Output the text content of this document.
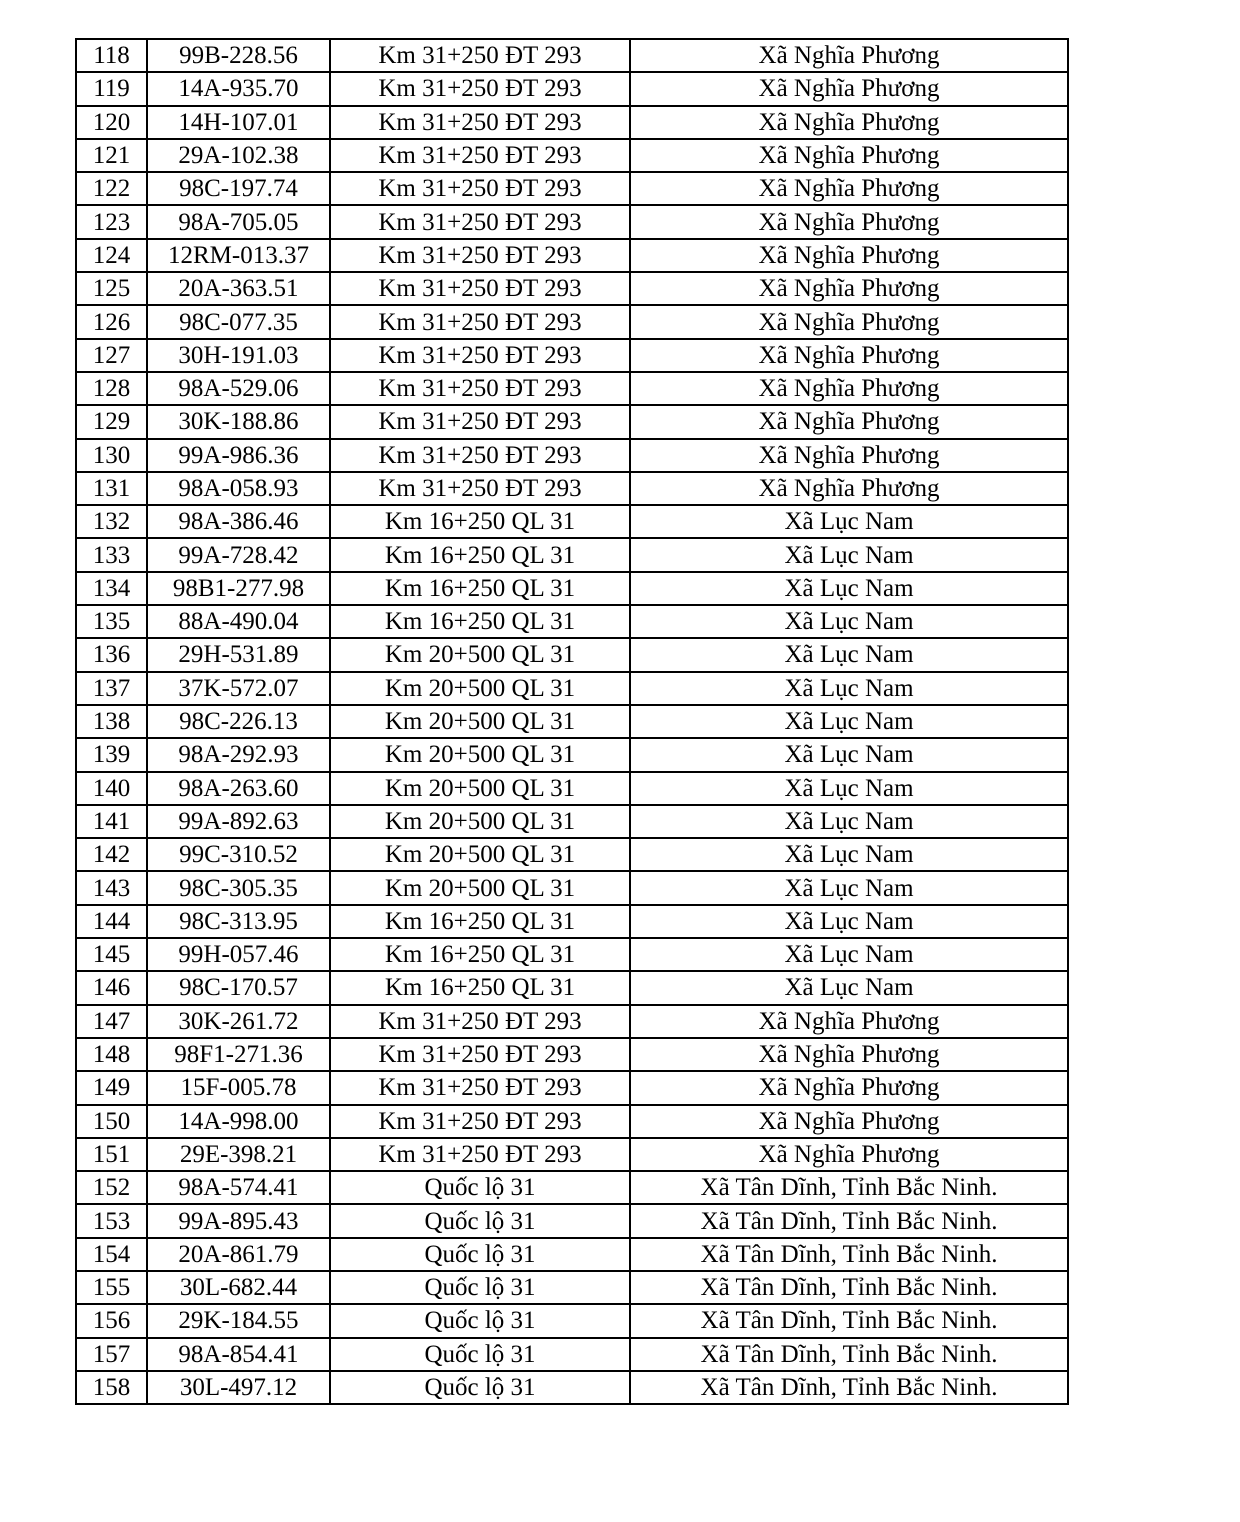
118	99B-228.56	Km 31+250 ĐT 293	Xã Nghĩa Phương
119	14A-935.70	Km 31+250 ĐT 293	Xã Nghĩa Phương
120	14H-107.01	Km 31+250 ĐT 293	Xã Nghĩa Phương
121	29A-102.38	Km 31+250 ĐT 293	Xã Nghĩa Phương
122	98C-197.74	Km 31+250 ĐT 293	Xã Nghĩa Phương
123	98A-705.05	Km 31+250 ĐT 293	Xã Nghĩa Phương
124	12RM-013.37	Km 31+250 ĐT 293	Xã Nghĩa Phương
125	20A-363.51	Km 31+250 ĐT 293	Xã Nghĩa Phương
126	98C-077.35	Km 31+250 ĐT 293	Xã Nghĩa Phương
127	30H-191.03	Km 31+250 ĐT 293	Xã Nghĩa Phương
128	98A-529.06	Km 31+250 ĐT 293	Xã Nghĩa Phương
129	30K-188.86	Km 31+250 ĐT 293	Xã Nghĩa Phương
130	99A-986.36	Km 31+250 ĐT 293	Xã Nghĩa Phương
131	98A-058.93	Km 31+250 ĐT 293	Xã Nghĩa Phương
132	98A-386.46	Km 16+250 QL 31	Xã Lục Nam
133	99A-728.42	Km 16+250 QL 31	Xã Lục Nam
134	98B1-277.98	Km 16+250 QL 31	Xã Lục Nam
135	88A-490.04	Km 16+250 QL 31	Xã Lục Nam
136	29H-531.89	Km 20+500 QL 31	Xã Lục Nam
137	37K-572.07	Km 20+500 QL 31	Xã Lục Nam
138	98C-226.13	Km 20+500 QL 31	Xã Lục Nam
139	98A-292.93	Km 20+500 QL 31	Xã Lục Nam
140	98A-263.60	Km 20+500 QL 31	Xã Lục Nam
141	99A-892.63	Km 20+500 QL 31	Xã Lục Nam
142	99C-310.52	Km 20+500 QL 31	Xã Lục Nam
143	98C-305.35	Km 20+500 QL 31	Xã Lục Nam
144	98C-313.95	Km 16+250 QL 31	Xã Lục Nam
145	99H-057.46	Km 16+250 QL 31	Xã Lục Nam
146	98C-170.57	Km 16+250 QL 31	Xã Lục Nam
147	30K-261.72	Km 31+250 ĐT 293	Xã Nghĩa Phương
148	98F1-271.36	Km 31+250 ĐT 293	Xã Nghĩa Phương
149	15F-005.78	Km 31+250 ĐT 293	Xã Nghĩa Phương
150	14A-998.00	Km 31+250 ĐT 293	Xã Nghĩa Phương
151	29E-398.21	Km 31+250 ĐT 293	Xã Nghĩa Phương
152	98A-574.41	Quốc lộ 31	Xã Tân Dĩnh, Tỉnh Bắc Ninh.
153	99A-895.43	Quốc lộ 31	Xã Tân Dĩnh, Tỉnh Bắc Ninh.
154	20A-861.79	Quốc lộ 31	Xã Tân Dĩnh, Tỉnh Bắc Ninh.
155	30L-682.44	Quốc lộ 31	Xã Tân Dĩnh, Tỉnh Bắc Ninh.
156	29K-184.55	Quốc lộ 31	Xã Tân Dĩnh, Tỉnh Bắc Ninh.
157	98A-854.41	Quốc lộ 31	Xã Tân Dĩnh, Tỉnh Bắc Ninh.
158	30L-497.12	Quốc lộ 31	Xã Tân Dĩnh, Tỉnh Bắc Ninh.
